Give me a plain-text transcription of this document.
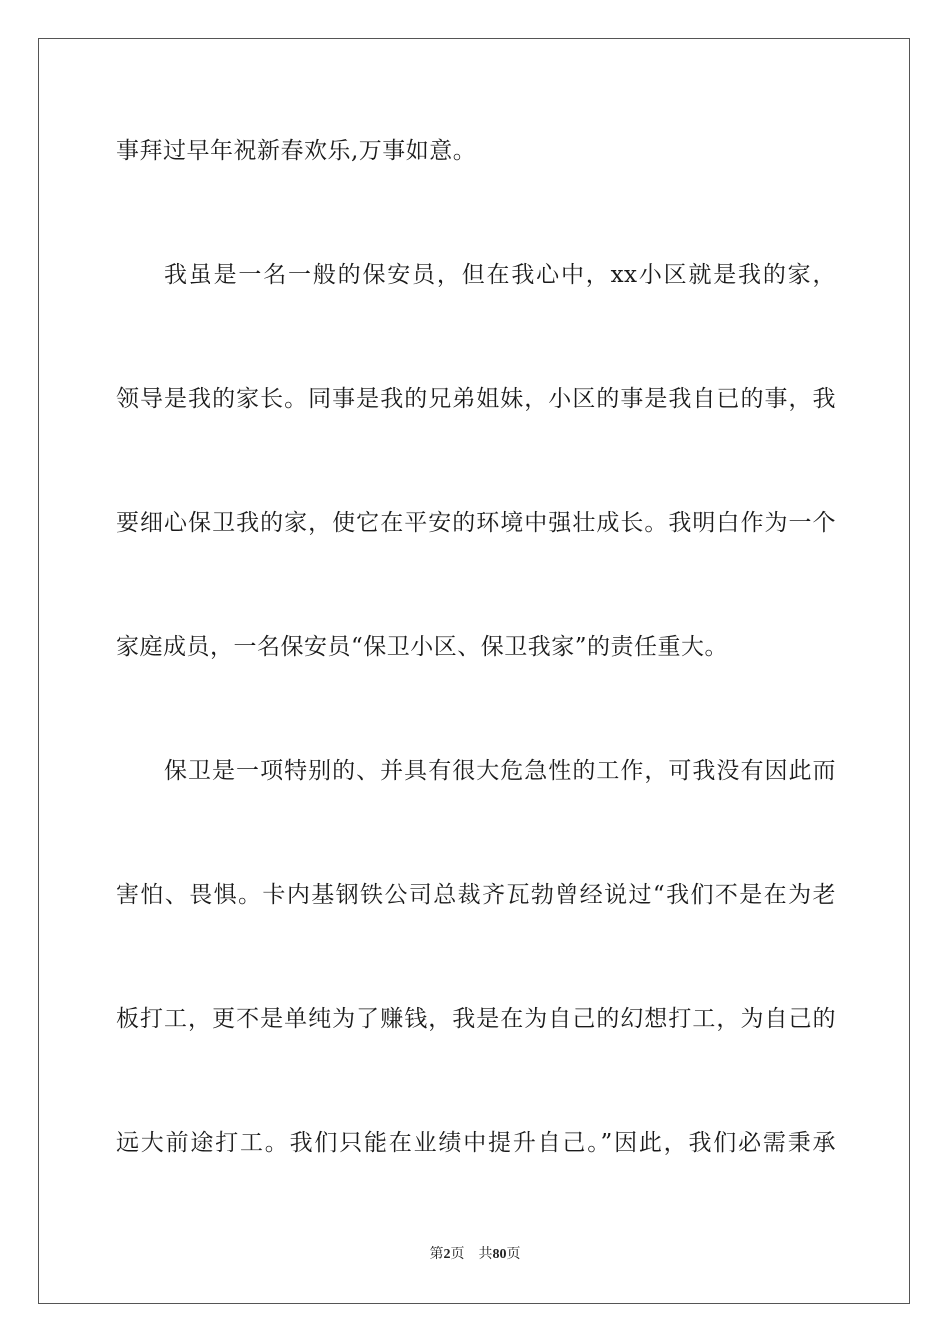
事拜过早年祝新春欢乐,万事如意。
我虽是一名一般的保安员，但在我心中，xx小区就是我的家，
领导是我的家长。同事是我的兄弟姐妹，小区的事是我自已的事，我
要细心保卫我的家，使它在平安的环境中强壮成长。我明白作为一个
家庭成员，一名保安员“保卫小区、保卫我家”的责任重大。
保卫是一项特别的、并具有很大危急性的工作，可我没有因此而
害怕、畏惧。卡内基钢铁公司总裁齐瓦勃曾经说过“我们不是在为老
板打工，更不是单纯为了赚钱，我是在为自己的幻想打工，为自己的
远大前途打工。我们只能在业绩中提升自己。”因此，我们必需秉承
第2页 共80页
